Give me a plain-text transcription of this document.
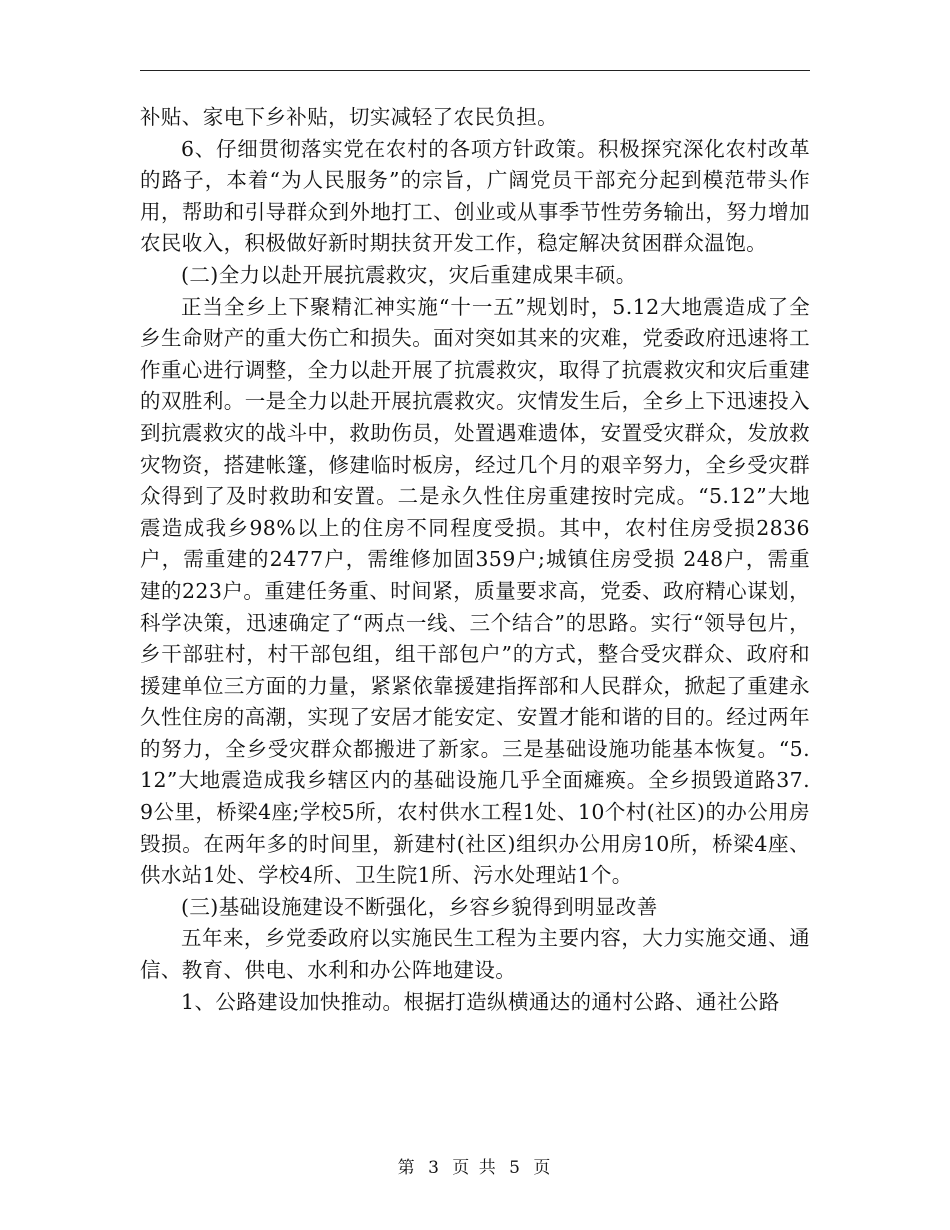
补贴、家电下乡补贴，切实减轻了农民负担。

6、仔细贯彻落实党在农村的各项方针政策。积极探究深化农村改革的路子，本着“为人民服务”的宗旨，广阔党员干部充分起到模范带头作用，帮助和引导群众到外地打工、创业或从事季节性劳务输出，努力增加农民收入，积极做好新时期扶贫开发工作，稳定解决贫困群众温饱。

(二)全力以赴开展抗震救灾，灾后重建成果丰硕。

正当全乡上下聚精汇神实施“十一五”规划时，5.12大地震造成了全乡生命财产的重大伤亡和损失。面对突如其来的灾难，党委政府迅速将工作重心进行调整，全力以赴开展了抗震救灾，取得了抗震救灾和灾后重建的双胜利。一是全力以赴开展抗震救灾。灾情发生后，全乡上下迅速投入到抗震救灾的战斗中，救助伤员，处置遇难遗体，安置受灾群众，发放救灾物资，搭建帐篷，修建临时板房，经过几个月的艰辛努力，全乡受灾群众得到了及时救助和安置。二是永久性住房重建按时完成。“5.12”大地震造成我乡98%以上的住房不同程度受损。其中，农村住房受损2836户，需重建的2477户，需维修加固359户;城镇住房受损 248户，需重建的223户。重建任务重、时间紧，质量要求高，党委、政府精心谋划，科学决策，迅速确定了“两点一线、三个结合”的思路。实行“领导包片，乡干部驻村，村干部包组，组干部包户”的方式，整合受灾群众、政府和援建单位三方面的力量，紧紧依靠援建指挥部和人民群众，掀起了重建永久性住房的高潮，实现了安居才能安定、安置才能和谐的目的。经过两年的努力，全乡受灾群众都搬进了新家。三是基础设施功能基本恢复。“5.12”大地震造成我乡辖区内的基础设施几乎全面瘫痪。全乡损毁道路37.9公里，桥梁4座;学校5所，农村供水工程1处、10个村(社区)的办公用房毁损。在两年多的时间里，新建村(社区)组织办公用房10所，桥梁4座、供水站1处、学校4所、卫生院1所、污水处理站1个。

(三)基础设施建设不断强化，乡容乡貌得到明显改善

五年来，乡党委政府以实施民生工程为主要内容，大力实施交通、通信、教育、供电、水利和办公阵地建设。

1、公路建设加快推动。根据打造纵横通达的通村公路、通社公路

第 3 页 共 5 页
